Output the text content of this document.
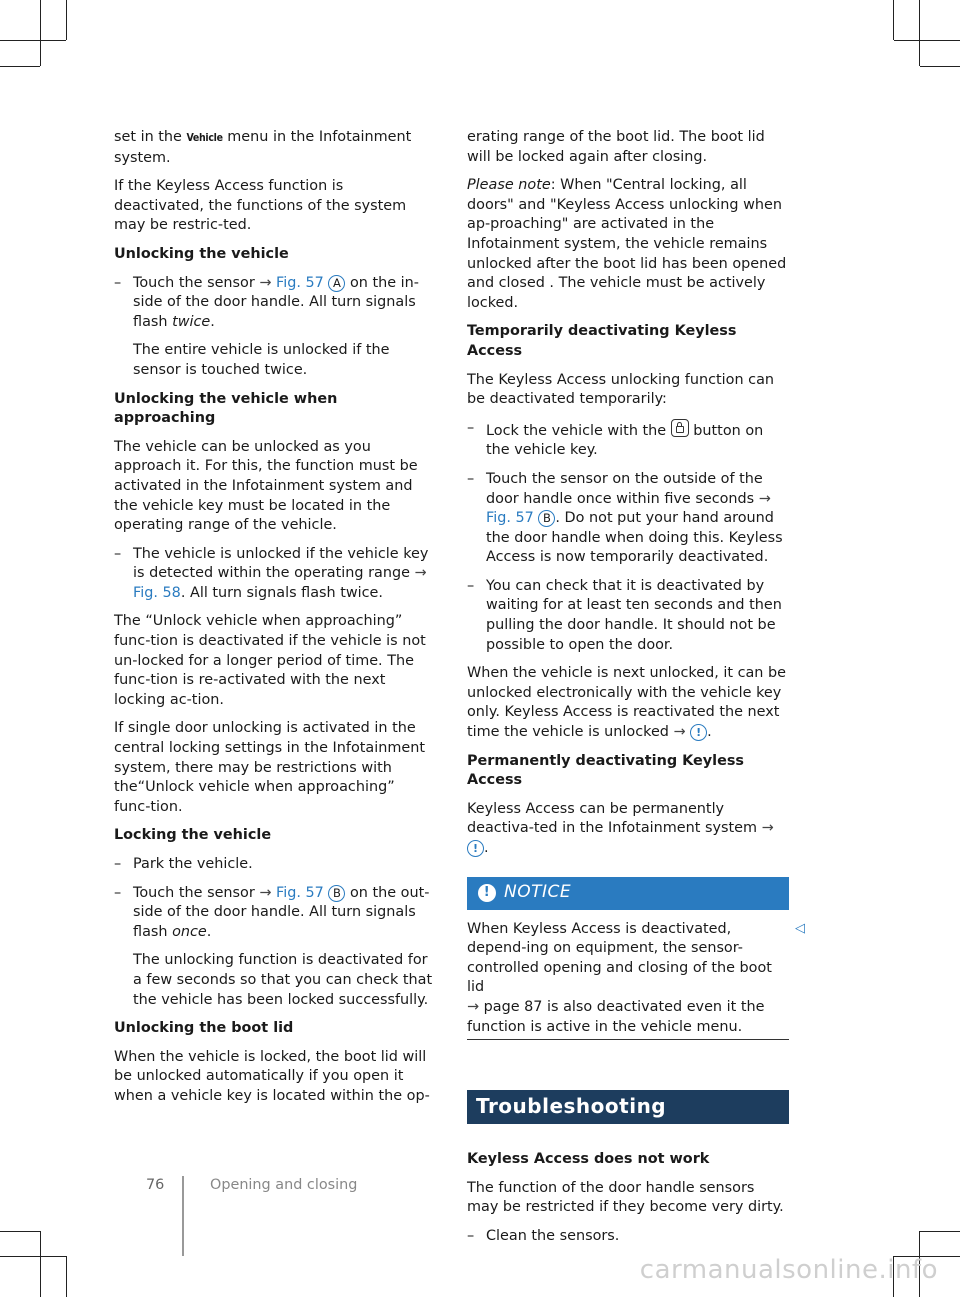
set in the Vehicle menu in the Infotainment system.

If the Keyless Access function is deactivated, the functions of the system may be restric-ted.

Unlocking the vehicle
– Touch the sensor → Fig. 57 A on the in-side of the door handle. All turn signals flash twice.
The entire vehicle is unlocked if the sensor is touched twice.
Unlocking the vehicle when approaching

The vehicle can be unlocked as you approach it. For this, the function must be activated in the Infotainment system and the vehicle key must be located in the operating range of the vehicle.

– The vehicle is unlocked if the vehicle key is detected within the operating range → Fig. 58. All turn signals flash twice.

The “Unlock vehicle when approaching” func-tion is deactivated if the vehicle is not un-locked for a longer period of time. The func-tion is re-activated with the next locking ac-tion.

If single door unlocking is activated in the central locking settings in the Infotainment system, there may be restrictions with the“Unlock vehicle when approaching” func-tion.

Locking the vehicle
– Park the vehicle.
– Touch the sensor → Fig. 57 B on the out-side of the door handle. All turn signals flash once.
The unlocking function is deactivated for a few seconds so that you can check that the vehicle has been locked successfully.
Unlocking the boot lid

When the vehicle is locked, the boot lid will be unlocked automatically if you open it when a vehicle key is located within the op-

erating range of the boot lid. The boot lid will be locked again after closing.

Please note: When "Central locking, all doors" and "Keyless Access unlocking when ap-proaching" are activated in the Infotainment system, the vehicle remains unlocked after the boot lid has been opened and closed . The vehicle must be actively locked.

Temporarily deactivating Keyless Access

The Keyless Access unlocking function can be deactivated temporarily:

– Lock the vehicle with the  button on the vehicle key.
– Touch the sensor on the outside of the door handle once within five seconds → Fig. 57 B . Do not put your hand around the door handle when doing this. Keyless Access is now temporarily deactivated.
– You can check that it is deactivated by waiting for at least ten seconds and then pulling the door handle. It should not be possible to open the door.

When the vehicle is next unlocked, it can be unlocked electronically with the vehicle key only. Keyless Access is reactivated the next time the vehicle is unlocked → ! .

Permanently deactivating Keyless Access

Keyless Access can be permanently deactiva-ted in the Infotainment system → ! .

! NOTICE
When Keyless Access is deactivated, depend-ing on equipment, the sensor-controlled opening and closing of the boot lid
→ page 87 is also deactivated even it the function is active in the vehicle menu.
Troubleshooting
Keyless Access does not work

The function of the door handle sensors may be restricted if they become very dirty.

– Clean the sensors.
◁
76	Opening and closing
carmanualsonline.info
